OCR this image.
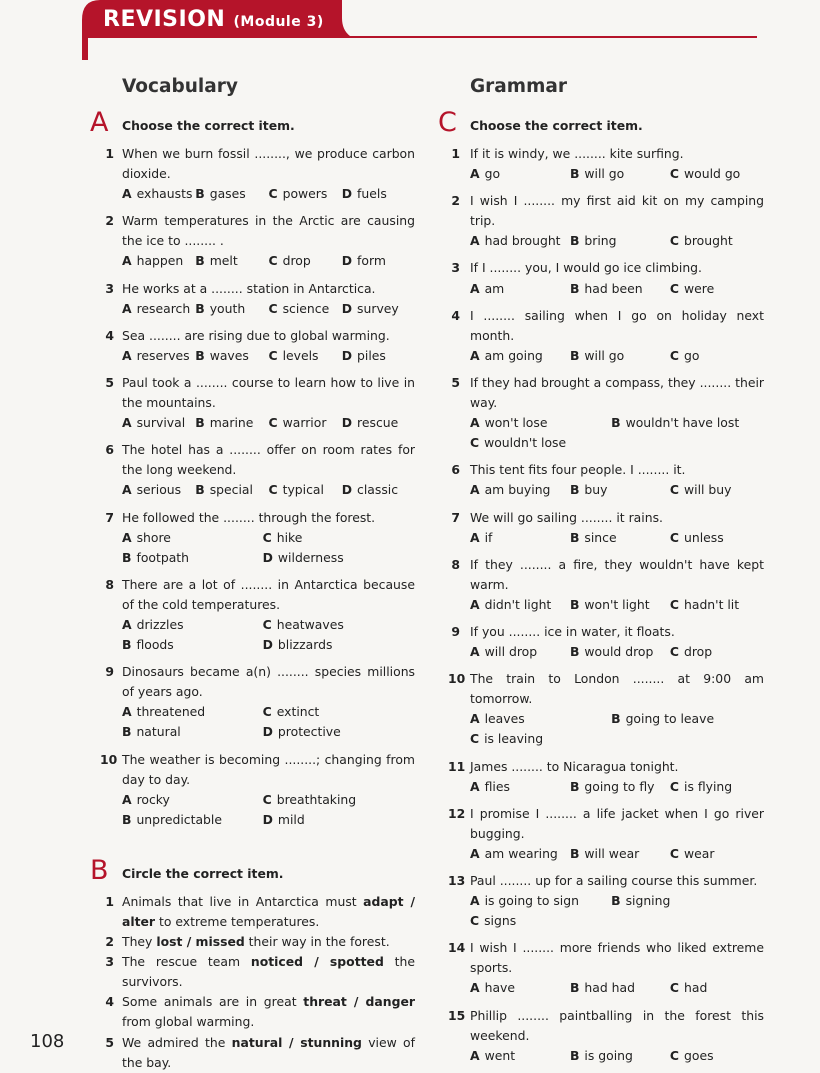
REVISION (Module 3)
Vocabulary
A Choose the correct item.
1 When we burn fossil ........, we produce carbon dioxide.
A exhausts B gases	C powers	D fuels
2 Warm temperatures in the Arctic are causing the ice to ........ .
A happen B melt	C drop	D form
3 He works at a ........ station in Antarctica.
A research B youth	C science	D survey
4 Sea ........ are rising due to global warming.
A reserves B waves	C levels	D piles
5 Paul took a ........ course to learn how to live in the mountains.
A survival B marine	C warrior	D rescue
6 The hotel has a ........ offer on room rates for the long weekend.
A serious	B special	C typical	D classic
7 He followed the ........ through the forest.
A shore	C hike
B footpath	D wilderness
8 There are a lot of ........ in Antarctica because of the cold temperatures.
A drizzles	C heatwaves
B floods	D blizzards
9 Dinosaurs became a(n) ........ species millions of years ago.
A threatened	C extinct
B natural	D protective
10 The weather is becoming ........; changing from day to day.
A rocky	C breathtaking
B unpredictable	D mild
B Circle the correct item.
1 Animals that live in Antarctica must adapt / alter to extreme temperatures.
2 They lost / missed their way in the forest.
3 The rescue team noticed / spotted the survivors.
4 Some animals are in great threat / danger from global warming.
5 We admired the natural / stunning view of the bay.
Grammar
C Choose the correct item.
1 If it is windy, we ........ kite surfing.
A go	B will go	C would go
2 I wish I ........ my first aid kit on my camping trip.
A had brought B bring	C brought
3 If I ........ you, I would go ice climbing.
A am	B had been	C were
4 I ........ sailing when I go on holiday next month.
A am going	B will go	C go
5 If they had brought a compass, they ........ their way.
A won't lose	B wouldn't have lost
C wouldn't lose
6 This tent fits four people. I ........ it.
A am buying	B buy	C will buy
7 We will go sailing ........ it rains.
A if	B since	C unless
8 If they ........ a fire, they wouldn't have kept warm.
A didn't light	B won't light	C hadn't lit
9 If you ........ ice in water, it floats.
A will drop	B would drop	C drop
10 The train to London ........ at 9:00 am tomorrow.
A leaves	B going to leave
C is leaving
11 James ........ to Nicaragua tonight.
A flies	B going to fly	C is flying
12 I promise I ........ a life jacket when I go river bugging.
A am wearing B will wear	C wear
13 Paul ........ up for a sailing course this summer.
A is going to sign	B signing
C signs
14 I wish I ........ more friends who liked extreme sports.
A have	B had had	C had
15 Phillip ........ paintballing in the forest this weekend.
A went	B is going	C goes
108
